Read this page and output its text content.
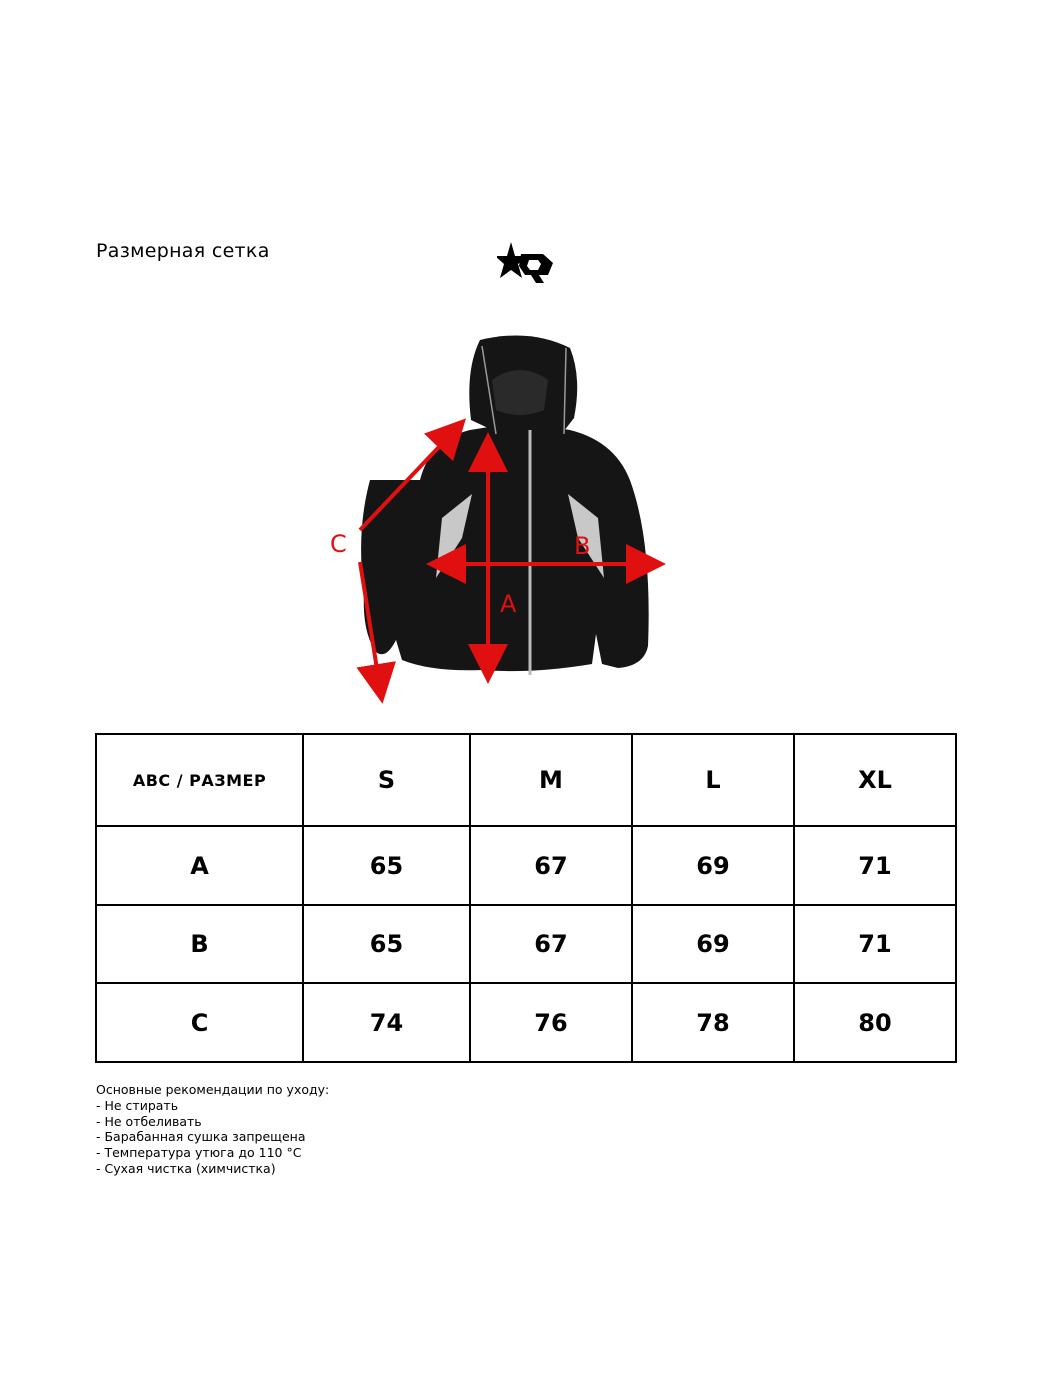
Размерная сетка
A
B
C
ABC / РАЗМЕР	S	M	L	XL
A	65	67	69	71
B	65	67	69	71
C	74	76	78	80
Основные рекомендации по уходу:
- Не стирать
- Не отбеливать
- Барабанная сушка запрещена
- Температура утюга до 110 °C
- Сухая чистка (химчистка)
